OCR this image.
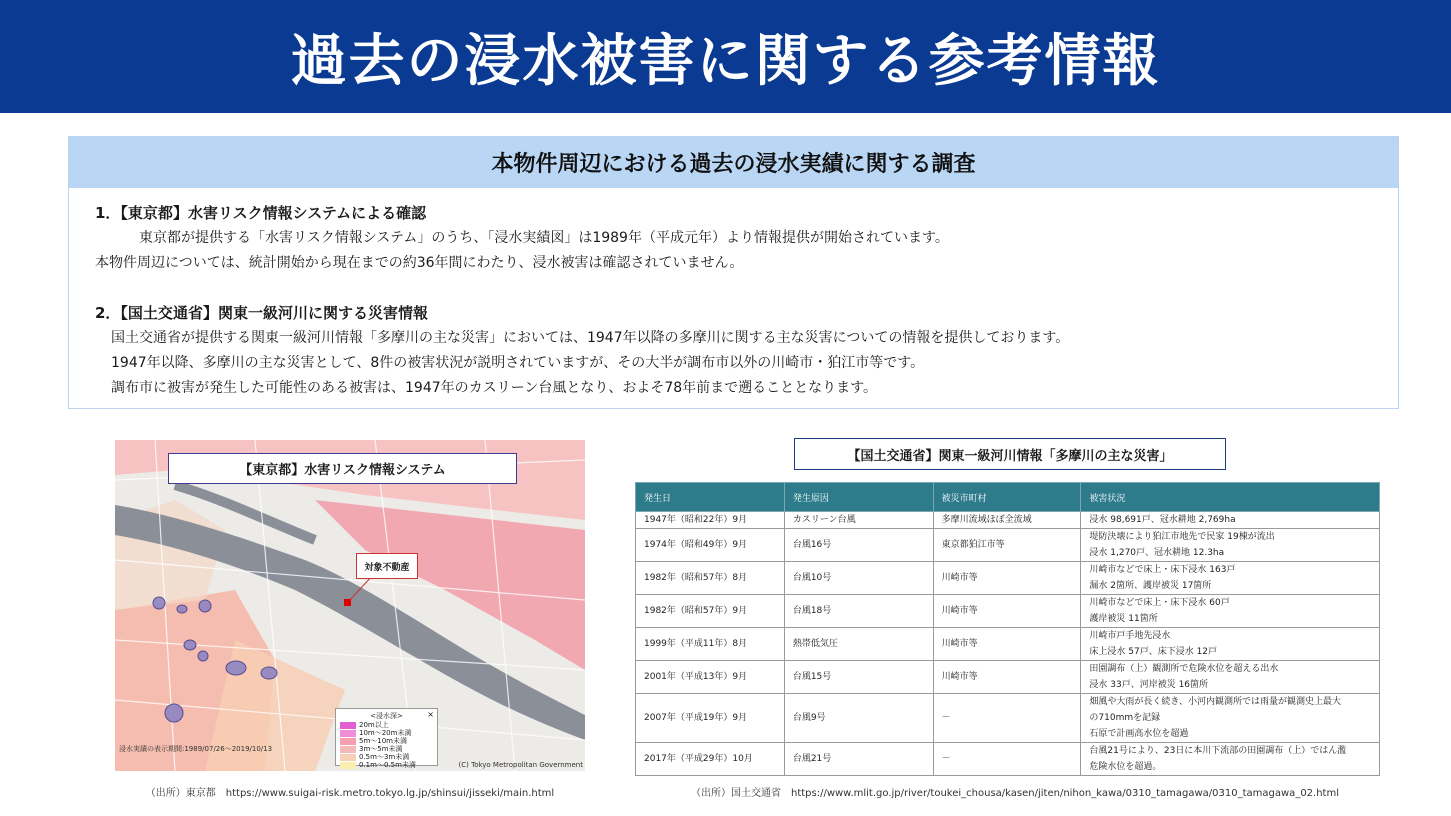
過去の浸水被害に関する参考情報
本物件周辺における過去の浸水実績に関する調査
1．【東京都】水害リスク情報システムによる確認
東京都が提供する「水害リスク情報システム」のうち、「浸水実績図」は1989年（平成元年）より情報提供が開始されています。
本物件周辺については、統計開始から現在までの約36年間にわたり、浸水被害は確認されていません。
2．【国土交通省】関東一級河川に関する災害情報
国土交通省が提供する関東一級河川情報「多摩川の主な災害」においては、1947年以降の多摩川に関する主な災害についての情報を提供しております。
1947年以降、多摩川の主な災害として、8件の被害状況が説明されていますが、その大半が調布市以外の川崎市・狛江市等です。
調布市に被害が発生した可能性のある被害は、1947年のカスリーン台風となり、およそ78年前まで遡ることとなります。
【東京都】水害リスク情報システム
対象不動産
×
<浸水深>
20m以上
10m〜20m未満
5m〜10m未満
3m〜5m未満
0.5m〜3m未満
0.1m〜0.5m未満
浸水実績の表示期間:1989/07/26〜2019/10/13
(C) Tokyo Metropolitan Government
【国土交通省】関東一級河川情報「多摩川の主な災害」
発生日	発生原因	被災市町村	被害状況
1947年（昭和22年）9月	カスリーン台風	多摩川流域ほぼ全流域	浸水 98,691戸、冠水耕地 2,769ha

1974年（昭和49年）9月	台風16号	東京都狛江市等	堤防決壊により狛江市地先で民家 19棟が流出
浸水 1,270戸、冠水耕地 12.3ha

1982年（昭和57年）8月	台風10号	川崎市等	川崎市などで床上・床下浸水 163戸
漏水 2箇所、護岸被災 17箇所

1982年（昭和57年）9月	台風18号	川崎市等	川崎市などで床上・床下浸水 60戸
護岸被災 11箇所

1999年（平成11年）8月	熱帯低気圧	川崎市等	川崎市戸手地先浸水
床上浸水 57戸、床下浸水 12戸

2001年（平成13年）9月	台風15号	川崎市等	田園調布（上）観測所で危険水位を超える出水
浸水 33戸、河岸被災 16箇所

2007年（平成19年）9月	台風9号	－	畑風や大雨が長く続き、小河内観測所では雨量が観測史上最大
の710mmを記録
石原で計画高水位を超過

2017年（平成29年）10月	台風21号	－	台風21号により、23日に本川下流部の田園調布（上）ではん濫
危険水位を超過。
（出所）東京都　https://www.suigai-risk.metro.tokyo.lg.jp/shinsui/jisseki/main.html	（出所）国土交通省　https://www.mlit.go.jp/river/toukei_chousa/kasen/jiten/nihon_kawa/0310_tamagawa/0310_tamagawa_02.html
